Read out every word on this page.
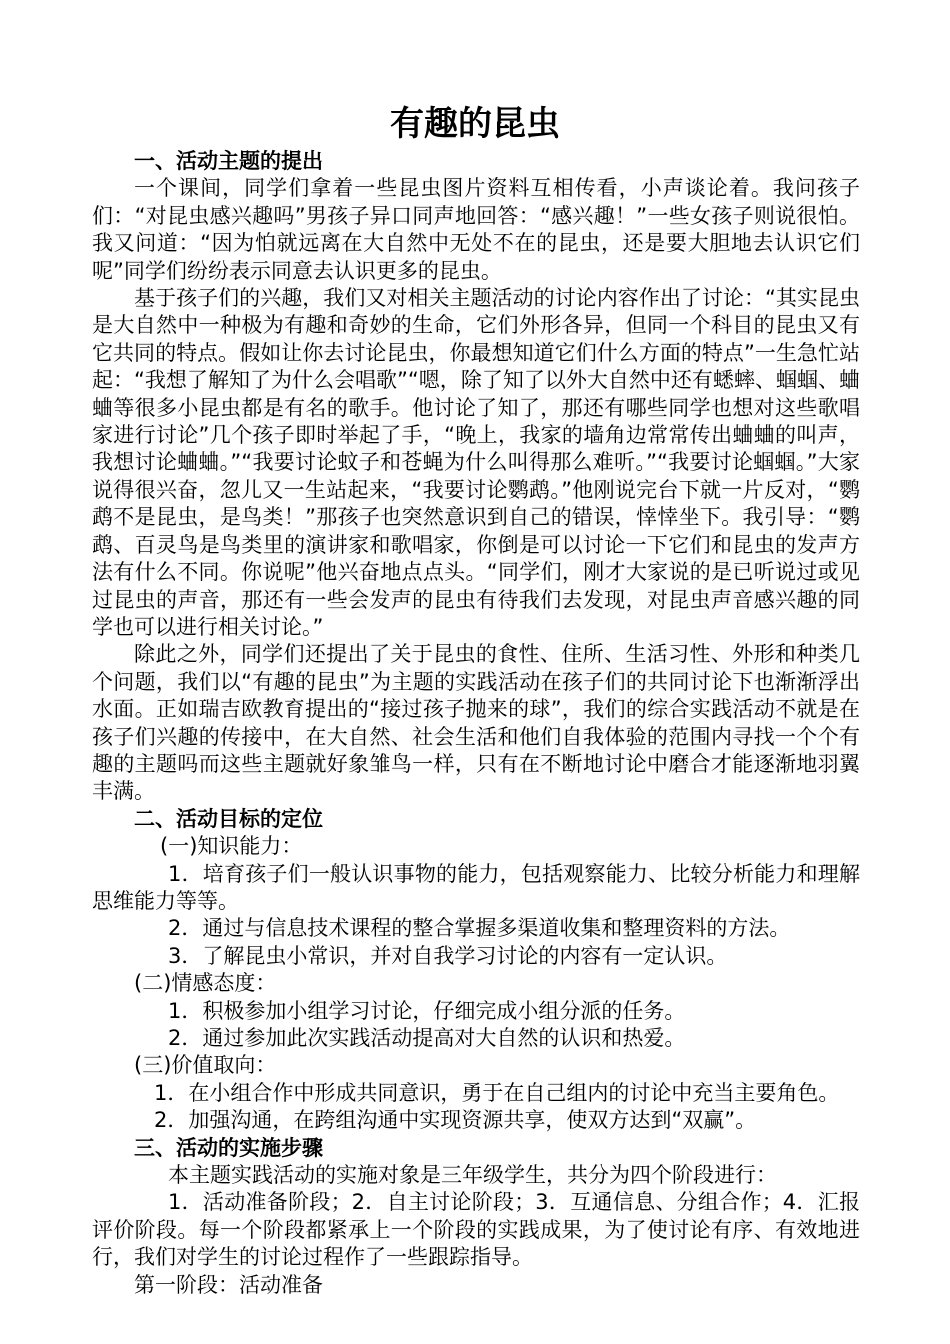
有趣的昆虫

一、活动主题的提出

一个课间，同学们拿着一些昆虫图片资料互相传看，小声谈论着。我问孩子们：“对昆虫感兴趣吗”男孩子异口同声地回答：“感兴趣！”一些女孩子则说很怕。我又问道：“因为怕就远离在大自然中无处不在的昆虫，还是要大胆地去认识它们呢”同学们纷纷表示同意去认识更多的昆虫。

基于孩子们的兴趣，我们又对相关主题活动的讨论内容作出了讨论：“其实昆虫是大自然中一种极为有趣和奇妙的生命，它们外形各异，但同一个科目的昆虫又有它共同的特点。假如让你去讨论昆虫，你最想知道它们什么方面的特点”一生急忙站起：“我想了解知了为什么会唱歌”“嗯，除了知了以外大自然中还有蟋蟀、蝈蝈、蛐蛐等很多小昆虫都是有名的歌手。他讨论了知了，那还有哪些同学也想对这些歌唱家进行讨论”几个孩子即时举起了手，“晚上，我家的墙角边常常传出蛐蛐的叫声，我想讨论蛐蛐。”“我要讨论蚊子和苍蝇为什么叫得那么难听。”“我要讨论蝈蝈。”大家说得很兴奋，忽儿又一生站起来，“我要讨论鹦鹉。”他刚说完台下就一片反对，“鹦鹉不是昆虫，是鸟类！”那孩子也突然意识到自己的错误，悻悻坐下。我引导：“鹦鹉、百灵鸟是鸟类里的演讲家和歌唱家，你倒是可以讨论一下它们和昆虫的发声方法有什么不同。你说呢”他兴奋地点点头。“同学们，刚才大家说的是已听说过或见过昆虫的声音，那还有一些会发声的昆虫有待我们去发现，对昆虫声音感兴趣的同学也可以进行相关讨论。”

除此之外，同学们还提出了关于昆虫的食性、住所、生活习性、外形和种类几个问题，我们以“有趣的昆虫”为主题的实践活动在孩子们的共同讨论下也渐渐浮出水面。正如瑞吉欧教育提出的“接过孩子抛来的球”，我们的综合实践活动不就是在孩子们兴趣的传接中，在大自然、社会生活和他们自我体验的范围内寻找一个个有趣的主题吗而这些主题就好象雏鸟一样，只有在不断地讨论中磨合才能逐渐地羽翼丰满。

二、活动目标的定位

(一)知识能力：

1．培育孩子们一般认识事物的能力，包括观察能力、比较分析能力和理解思维能力等等。

2．通过与信息技术课程的整合掌握多渠道收集和整理资料的方法。

3．了解昆虫小常识，并对自我学习讨论的内容有一定认识。

(二)情感态度：

1．积极参加小组学习讨论，仔细完成小组分派的任务。

2．通过参加此次实践活动提高对大自然的认识和热爱。

(三)价值取向：

1．在小组合作中形成共同意识，勇于在自己组内的讨论中充当主要角色。

2．加强沟通，在跨组沟通中实现资源共享，使双方达到“双赢”。

三、活动的实施步骤

本主题实践活动的实施对象是三年级学生，共分为四个阶段进行：

1．活动准备阶段；2．自主讨论阶段；3．互通信息、分组合作；4．汇报评价阶段。每一个阶段都紧承上一个阶段的实践成果，为了使讨论有序、有效地进行，我们对学生的讨论过程作了一些跟踪指导。

第一阶段：活动准备
